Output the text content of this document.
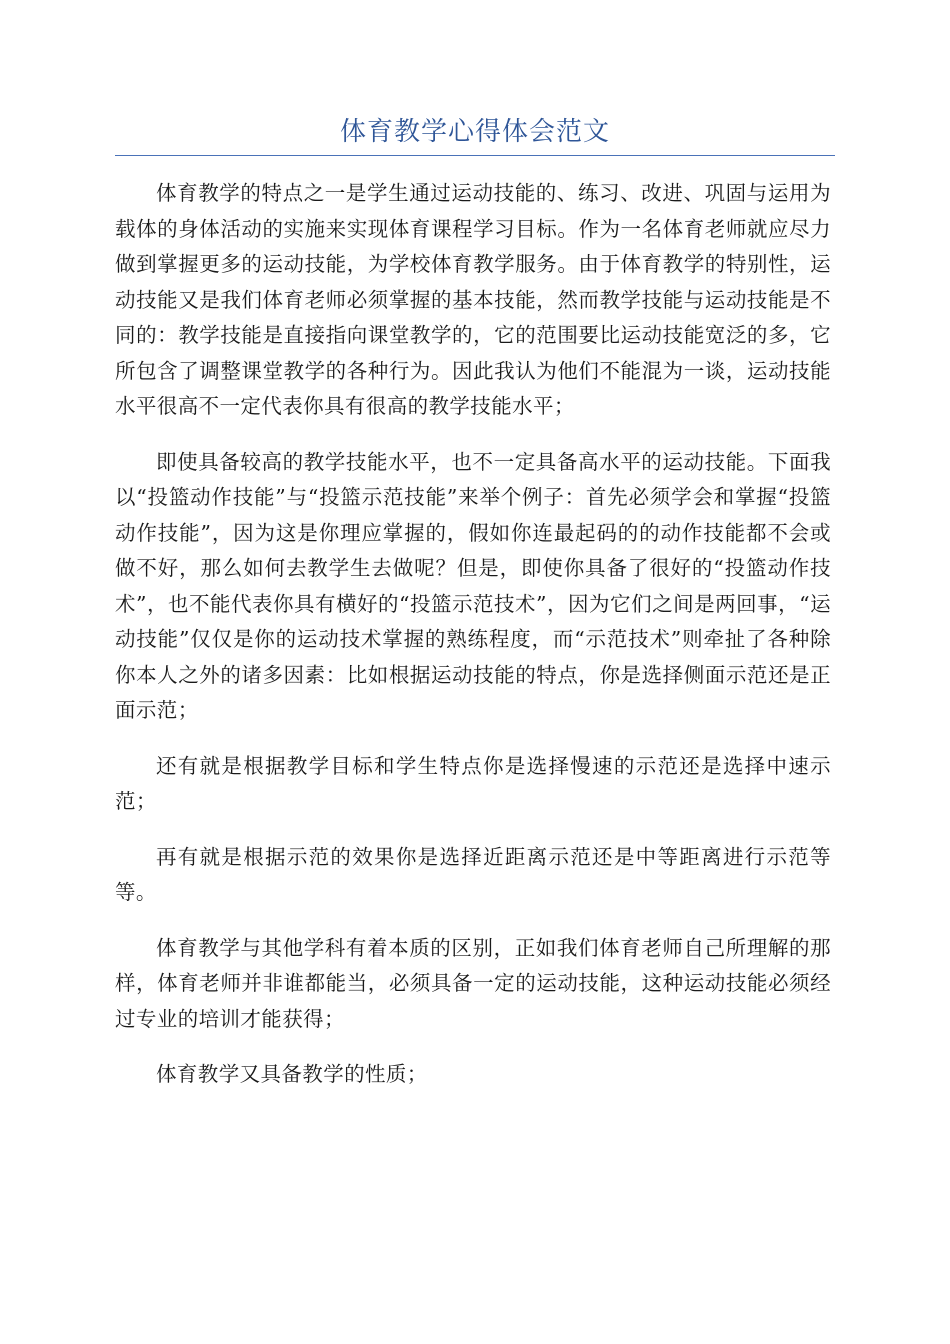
体育教学心得体会范文

体育教学的特点之一是学生通过运动技能的、练习、改进、巩固与运用为载体的身体活动的实施来实现体育课程学习目标。作为一名体育老师就应尽力做到掌握更多的运动技能，为学校体育教学服务。由于体育教学的特别性，运动技能又是我们体育老师必须掌握的基本技能，然而教学技能与运动技能是不同的：教学技能是直接指向课堂教学的，它的范围要比运动技能宽泛的多，它所包含了调整课堂教学的各种行为。因此我认为他们不能混为一谈，运动技能水平很高不一定代表你具有很高的教学技能水平；

即使具备较高的教学技能水平，也不一定具备高水平的运动技能。下面我以“投篮动作技能”与“投篮示范技能”来举个例子：首先必须学会和掌握“投篮动作技能”，因为这是你理应掌握的，假如你连最起码的的动作技能都不会或做不好，那么如何去教学生去做呢？但是，即使你具备了很好的“投篮动作技术”，也不能代表你具有横好的“投篮示范技术”，因为它们之间是两回事，“运动技能”仅仅是你的运动技术掌握的熟练程度，而“示范技术”则牵扯了各种除你本人之外的诸多因素：比如根据运动技能的特点，你是选择侧面示范还是正面示范；

还有就是根据教学目标和学生特点你是选择慢速的示范还是选择中速示范；

再有就是根据示范的效果你是选择近距离示范还是中等距离进行示范等等。

体育教学与其他学科有着本质的区别，正如我们体育老师自己所理解的那样，体育老师并非谁都能当，必须具备一定的运动技能，这种运动技能必须经过专业的培训才能获得；

体育教学又具备教学的性质；
